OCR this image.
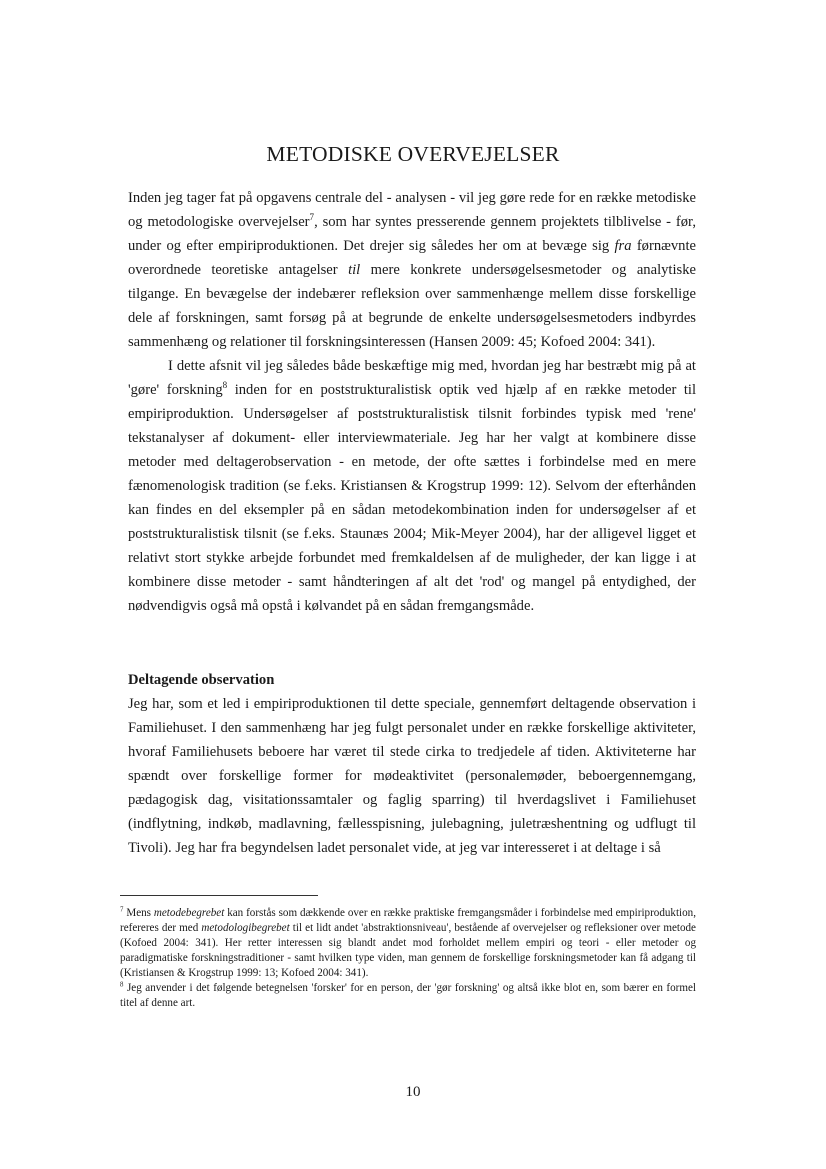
METODISKE OVERVEJELSER

Inden jeg tager fat på opgavens centrale del - analysen - vil jeg gøre rede for en række metodiske og metodologiske overvejelser$^7$, som har syntes presserende gennem projektets tilblivelse - før, under og efter empiriproduktionen. Det drejer sig således her om at bevæge sig fra førnævnte overordnede teoretiske antagelser til mere konkrete undersøgelsesmetoder og analytiske tilgange. En bevægelse der indebærer refleksion over sammenhænge mellem disse forskellige dele af forskningen, samt forsøg på at begrunde de enkelte undersøgelsesmetoders indbyrdes sammenhæng og relationer til forskningsinteressen (Hansen 2009: 45; Kofoed 2004: 341).

I dette afsnit vil jeg således både beskæftige mig med, hvordan jeg har bestræbt mig på at 'gøre' forskning$^8$ inden for en poststrukturalistisk optik ved hjælp af en række metoder til empiriproduktion. Undersøgelser af poststrukturalistisk tilsnit forbindes typisk med 'rene' tekstanalyser af dokument- eller interviewmateriale. Jeg har her valgt at kombinere disse metoder med deltagerobservation - en metode, der ofte sættes i forbindelse med en mere fænomenologisk tradition (se f.eks. Kristiansen & Krogstrup 1999: 12). Selvom der efterhånden kan findes en del eksempler på en sådan metodekombination inden for undersøgelser af et poststrukturalistisk tilsnit (se f.eks. Staunæs 2004; Mik-Meyer 2004), har der alligevel ligget et relativt stort stykke arbejde forbundet med fremkaldelsen af de muligheder, der kan ligge i at kombinere disse metoder - samt håndteringen af alt det 'rod' og mangel på entydighed, der nødvendigvis også må opstå i kølvandet på en sådan fremgangsmåde.

Deltagende observation

Jeg har, som et led i empiriproduktionen til dette speciale, gennemført deltagende observation i Familiehuset. I den sammenhæng har jeg fulgt personalet under en række forskellige aktiviteter, hvoraf Familiehusets beboere har været til stede cirka to tredjedele af tiden. Aktiviteterne har spændt over forskellige former for mødeaktivitet (personalemøder, beboergennemgang, pædagogisk dag, visitationssamtaler og faglig sparring) til hverdagslivet i Familiehuset (indflytning, indkøb, madlavning, fællesspisning, julebagning, juletræshentning og udflugt til Tivoli). Jeg har fra begyndelsen ladet personalet vide, at jeg var interesseret i at deltage i så

$^7$ Mens metodebegrebet kan forstås som dækkende over en række praktiske fremgangsmåder i forbindelse med empiriproduktion, refereres der med metodologibegrebet til et lidt andet 'abstraktionsniveau', bestående af overvejelser og refleksioner over metode (Kofoed 2004: 341). Her retter interessen sig blandt andet mod forholdet mellem empiri og teori - eller metoder og paradigmatiske forskningstraditioner - samt hvilken type viden, man gennem de forskellige forskningsmetoder kan få adgang til (Kristiansen & Krogstrup 1999: 13; Kofoed 2004: 341).

$^8$ Jeg anvender i det følgende betegnelsen 'forsker' for en person, der 'gør forskning' og altså ikke blot en, som bærer en formel titel af denne art.

10
